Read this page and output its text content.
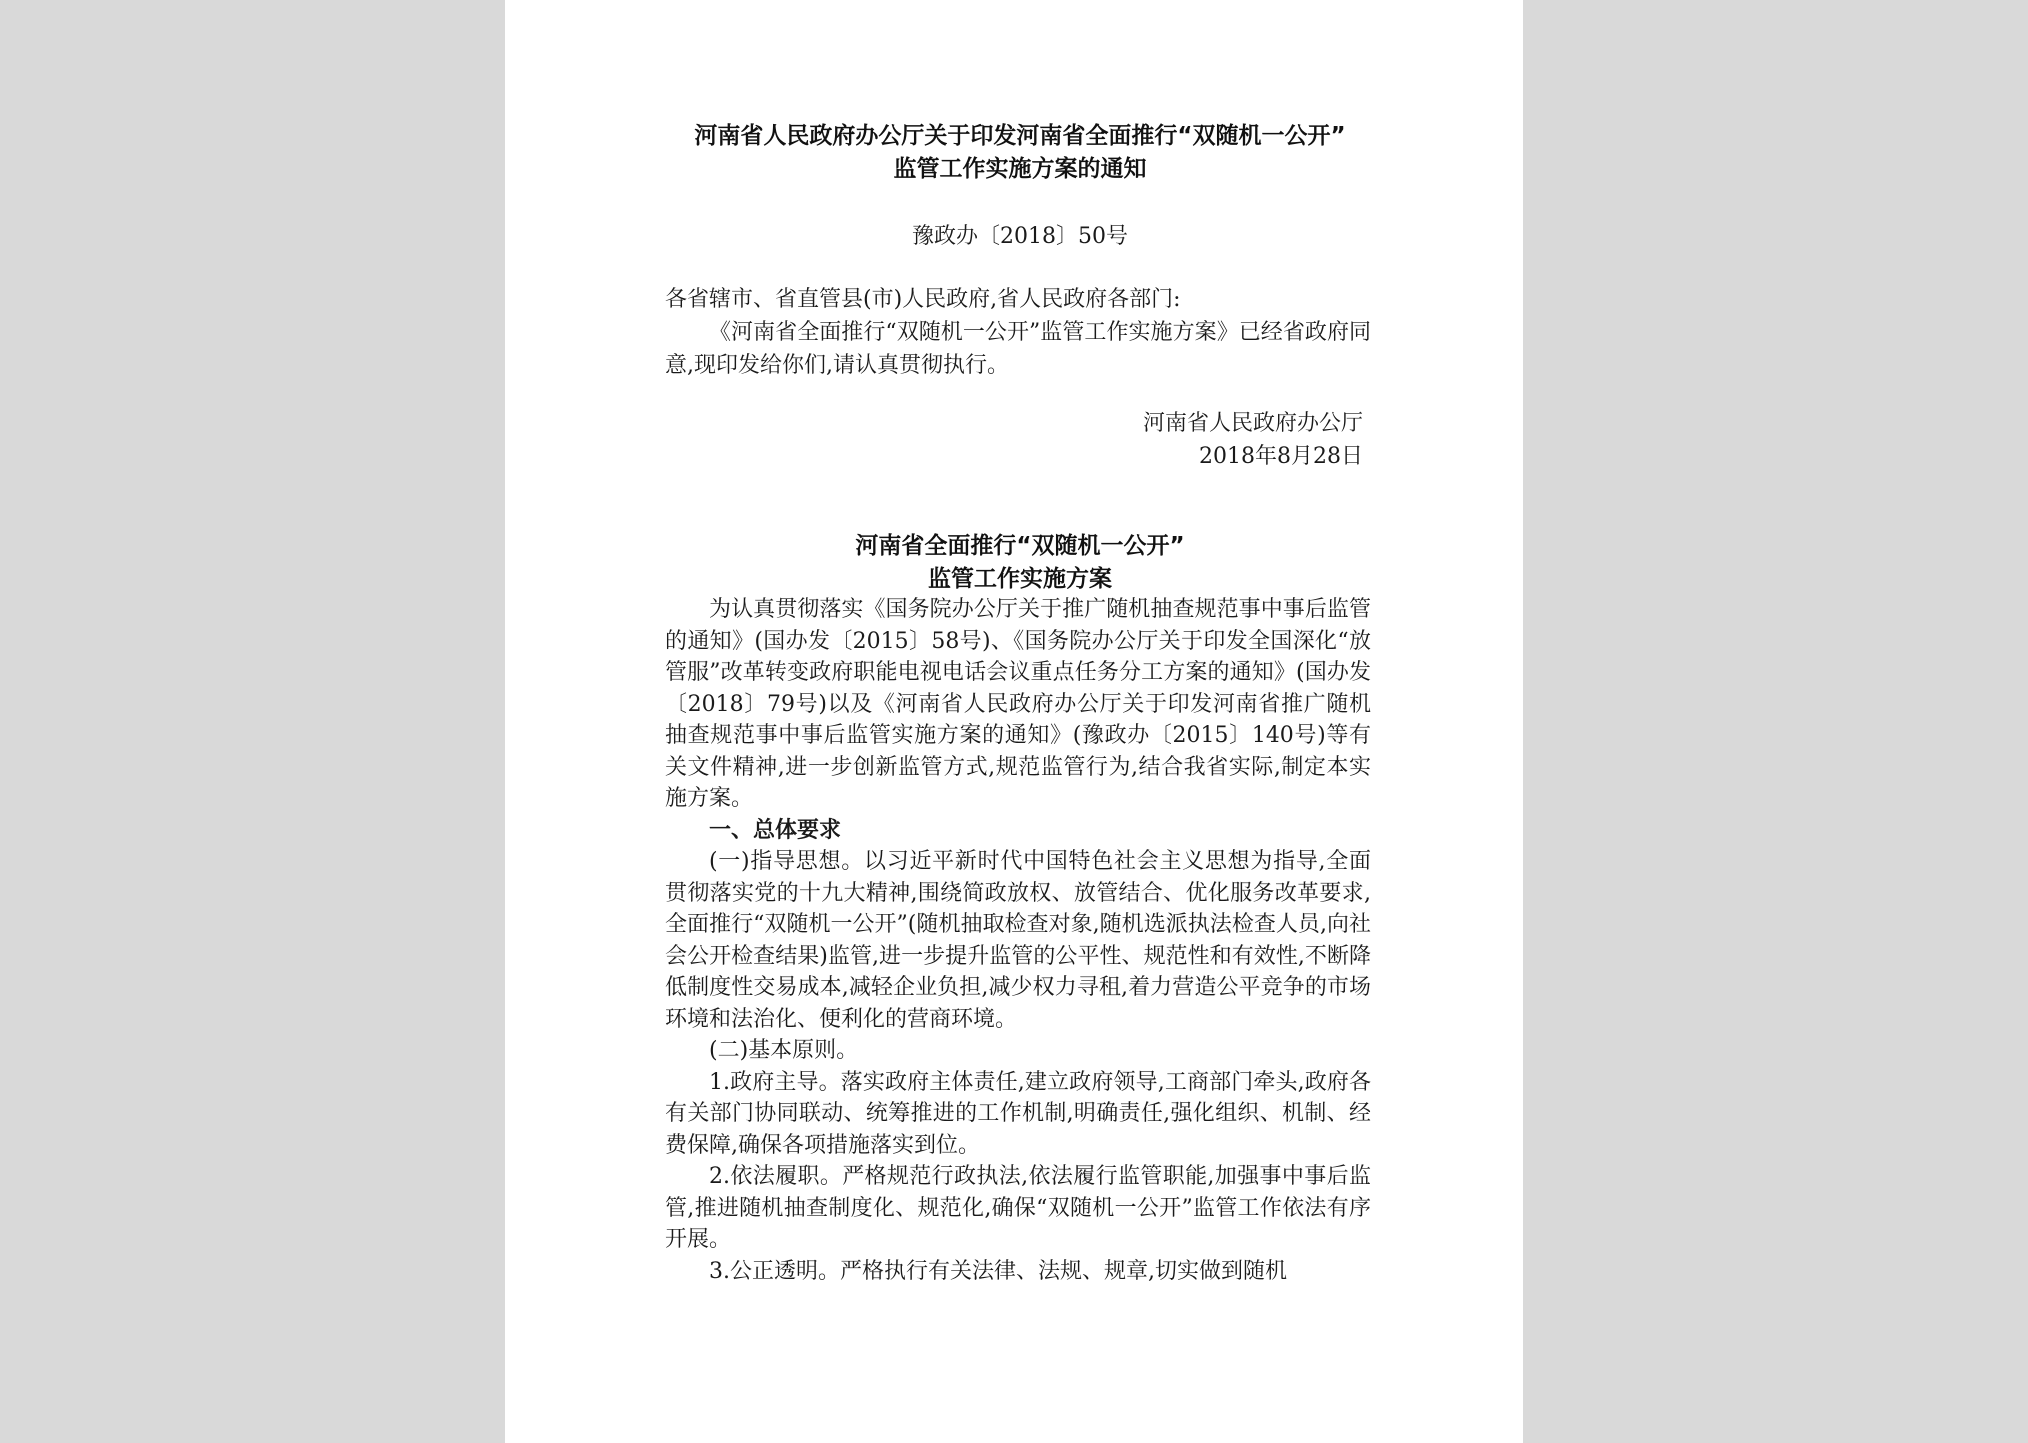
河南省人民政府办公厅关于印发河南省全面推行“双随机一公开”
监管工作实施方案的通知

豫政办〔2018〕50号

各省辖市、省直管县(市)人民政府,省人民政府各部门:

《河南省全面推行“双随机一公开”监管工作实施方案》已经省政府同意,现印发给你们,请认真贯彻执行。

河南省人民政府办公厅
2018年8月28日
河南省全面推行“双随机一公开”
监管工作实施方案

为认真贯彻落实《国务院办公厅关于推广随机抽查规范事中事后监管的通知》(国办发〔2015〕58号)、《国务院办公厅关于印发全国深化“放管服”改革转变政府职能电视电话会议重点任务分工方案的通知》(国办发〔2018〕79号)以及《河南省人民政府办公厅关于印发河南省推广随机抽查规范事中事后监管实施方案的通知》(豫政办〔2015〕140号)等有关文件精神,进一步创新监管方式,规范监管行为,结合我省实际,制定本实施方案。

一、总体要求

(一)指导思想。以习近平新时代中国特色社会主义思想为指导,全面贯彻落实党的十九大精神,围绕简政放权、放管结合、优化服务改革要求,全面推行“双随机一公开”(随机抽取检查对象,随机选派执法检查人员,向社会公开检查结果)监管,进一步提升监管的公平性、规范性和有效性,不断降低制度性交易成本,减轻企业负担,减少权力寻租,着力营造公平竞争的市场环境和法治化、便利化的营商环境。

(二)基本原则。

1.政府主导。落实政府主体责任,建立政府领导,工商部门牵头,政府各有关部门协同联动、统筹推进的工作机制,明确责任,强化组织、机制、经费保障,确保各项措施落实到位。

2.依法履职。严格规范行政执法,依法履行监管职能,加强事中事后监管,推进随机抽查制度化、规范化,确保“双随机一公开”监管工作依法有序开展。

3.公正透明。严格执行有关法律、法规、规章,切实做到随机
